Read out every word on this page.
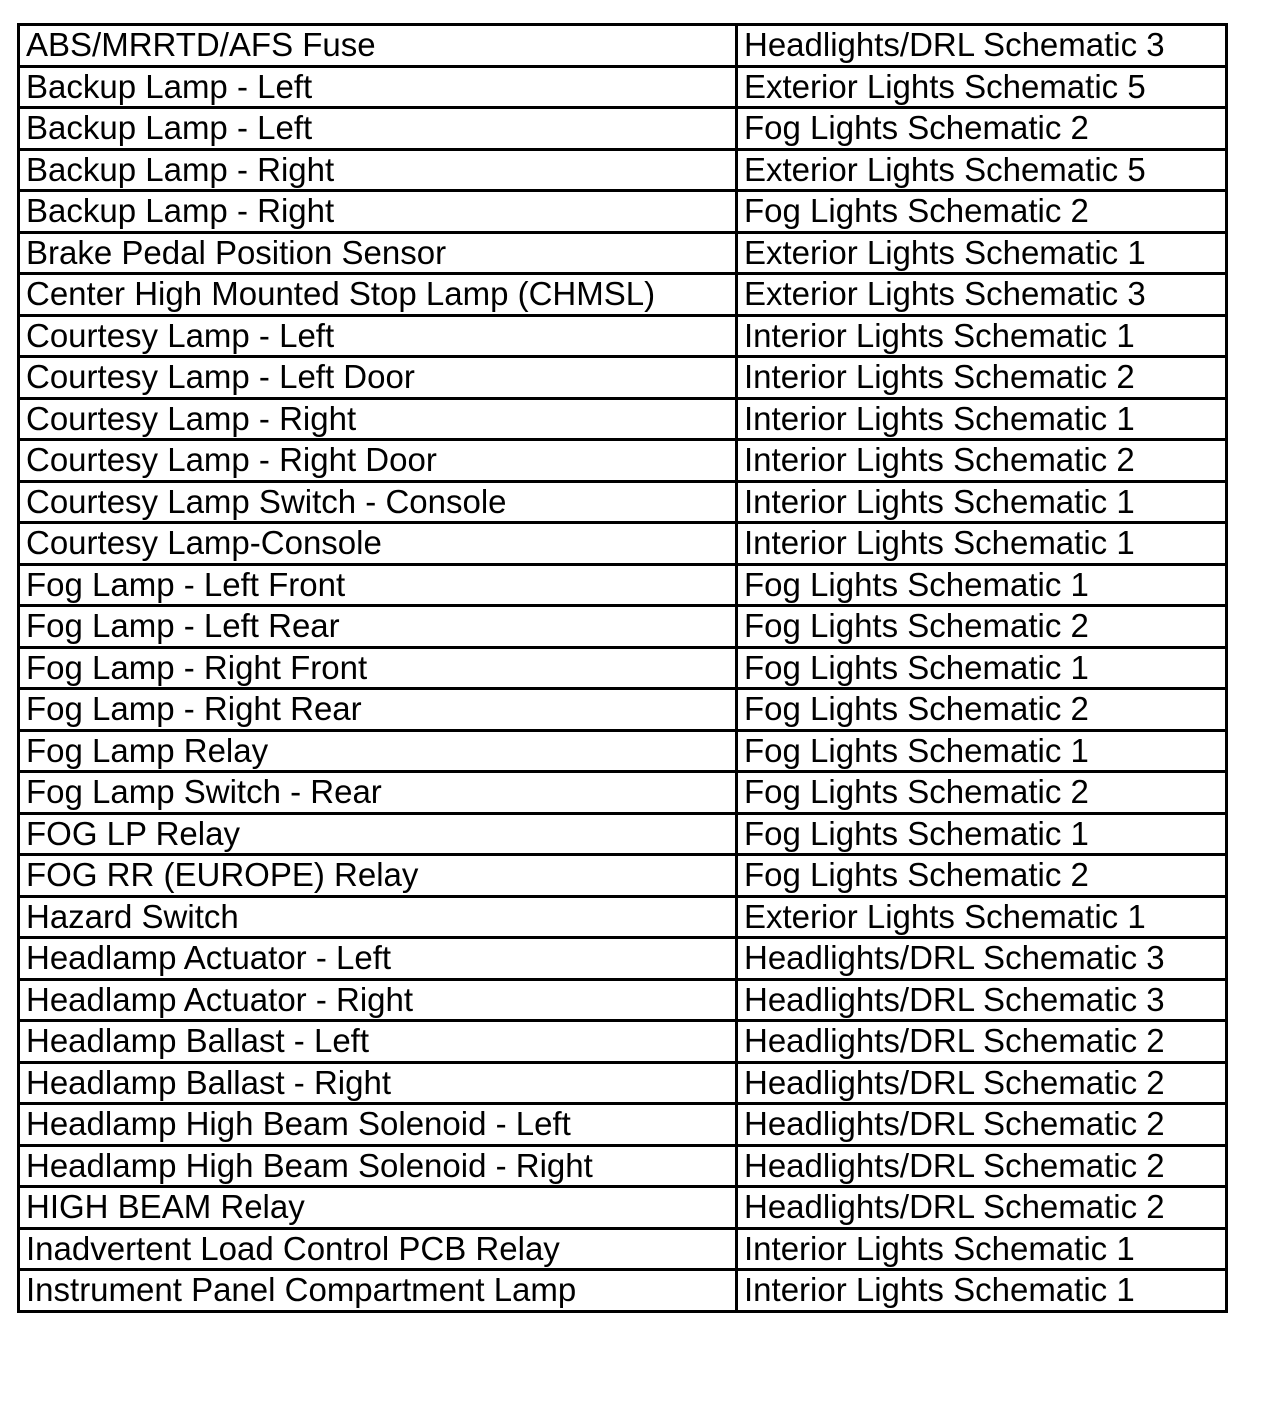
ABS/MRRTD/AFS Fuse	Headlights/DRL Schematic 3
Backup Lamp - Left	Exterior Lights Schematic 5
Backup Lamp - Left	Fog Lights Schematic 2
Backup Lamp - Right	Exterior Lights Schematic 5
Backup Lamp - Right	Fog Lights Schematic 2
Brake Pedal Position Sensor	Exterior Lights Schematic 1
Center High Mounted Stop Lamp (CHMSL)	Exterior Lights Schematic 3
Courtesy Lamp - Left	Interior Lights Schematic 1
Courtesy Lamp - Left Door	Interior Lights Schematic 2
Courtesy Lamp - Right	Interior Lights Schematic 1
Courtesy Lamp - Right Door	Interior Lights Schematic 2
Courtesy Lamp Switch - Console	Interior Lights Schematic 1
Courtesy Lamp-Console	Interior Lights Schematic 1
Fog Lamp - Left Front	Fog Lights Schematic 1
Fog Lamp - Left Rear	Fog Lights Schematic 2
Fog Lamp - Right Front	Fog Lights Schematic 1
Fog Lamp - Right Rear	Fog Lights Schematic 2
Fog Lamp Relay	Fog Lights Schematic 1
Fog Lamp Switch - Rear	Fog Lights Schematic 2
FOG LP Relay	Fog Lights Schematic 1
FOG RR (EUROPE) Relay	Fog Lights Schematic 2
Hazard Switch	Exterior Lights Schematic 1
Headlamp Actuator - Left	Headlights/DRL Schematic 3
Headlamp Actuator - Right	Headlights/DRL Schematic 3
Headlamp Ballast - Left	Headlights/DRL Schematic 2
Headlamp Ballast - Right	Headlights/DRL Schematic 2
Headlamp High Beam Solenoid - Left	Headlights/DRL Schematic 2
Headlamp High Beam Solenoid - Right	Headlights/DRL Schematic 2
HIGH BEAM Relay	Headlights/DRL Schematic 2
Inadvertent Load Control PCB Relay	Interior Lights Schematic 1
Instrument Panel Compartment Lamp	Interior Lights Schematic 1
